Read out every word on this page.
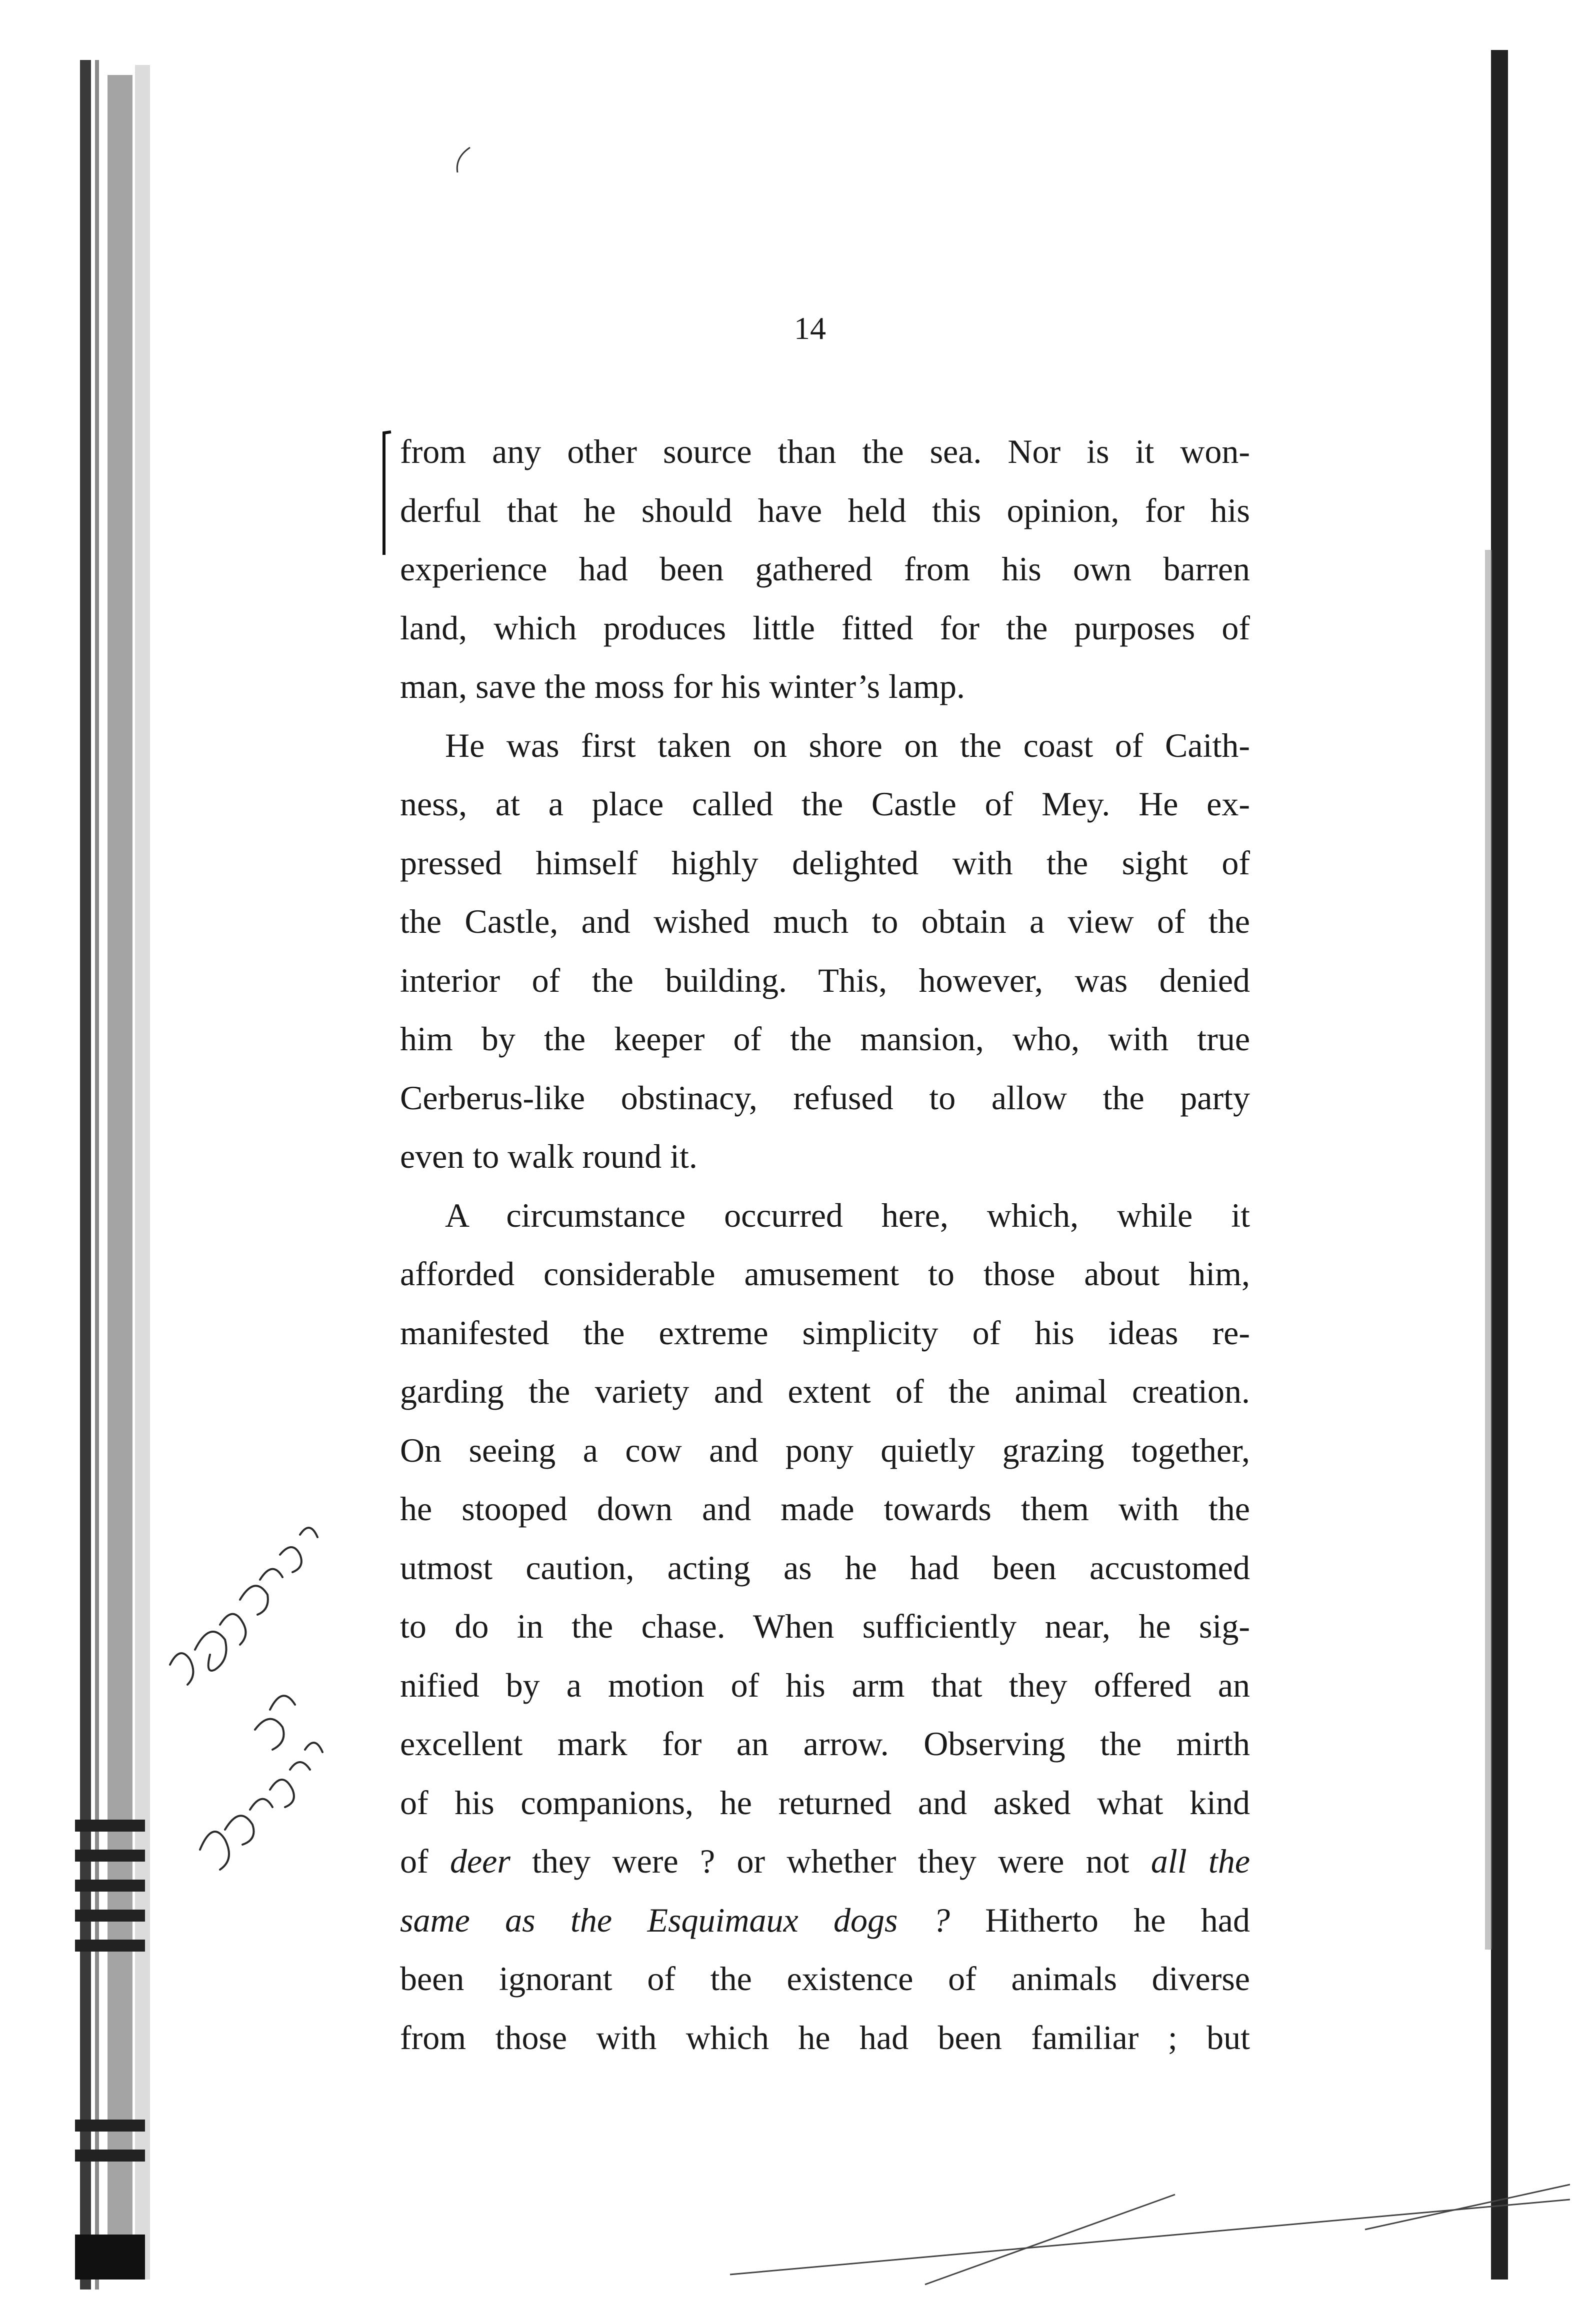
14
from any other source than the sea. Nor is it won-
derful that he should have held this opinion, for his
experience had been gathered from his own barren
land, which produces little fitted for the purposes of
man, save the moss for his winter’s lamp.
He was first taken on shore on the coast of Caith-
ness, at a place called the Castle of Mey. He ex-
pressed himself highly delighted with the sight of
the Castle, and wished much to obtain a view of the
interior of the building. This, however, was denied
him by the keeper of the mansion, who, with true
Cerberus-like obstinacy, refused to allow the party
even to walk round it.
A circumstance occurred here, which, while it
afforded considerable amusement to those about him,
manifested the extreme simplicity of his ideas re-
garding the variety and extent of the animal creation.
On seeing a cow and pony quietly grazing together,
he stooped down and made towards them with the
utmost caution, acting as he had been accustomed
to do in the chase. When sufficiently near, he sig-
nified by a motion of his arm that they offered an
excellent mark for an arrow. Observing the mirth
of his companions, he returned and asked what kind
of deer they were ? or whether they were not all the
same as the Esquimaux dogs ? Hitherto he had
been ignorant of the existence of animals diverse
from those with which he had been familiar ; but
